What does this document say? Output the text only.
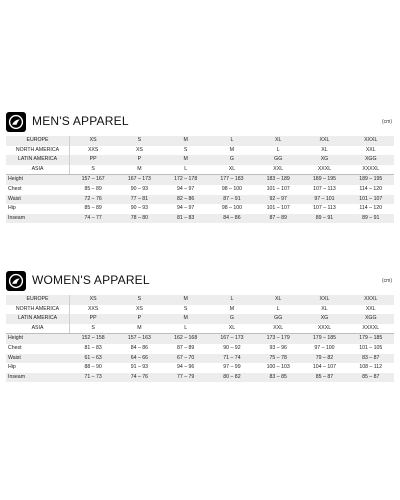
MEN'S APPAREL	(cm)
EUROPE	XS	S	M	L	XL	XXL	XXXL
NORTH AMERICA	XXS	XS	S	M	L	XL	XXL
LATIN AMERICA	PP	P	M	G	GG	XG	XGG
ASIA	S	M	L	XL	XXL	XXXL	XXXXL
Height	157 – 167	167 – 173	172 – 178	177 – 183	183 – 189	189 – 195	189 – 195
Chest	85 – 89	90 – 93	94 – 97	98 – 100	101 – 107	107 – 113	114 – 120
Waist	72 – 76	77 – 81	82 – 86	87 – 91	92 – 97	97 – 101	101 – 107
Hip	85 – 89	90 – 93	94 – 97	98 – 100	101 – 107	107 – 113	114 – 120
Inseam	74 – 77	78 – 80	81 – 83	84 – 86	87 – 89	89 – 91	89 – 91
WOMEN'S APPAREL	(cm)
EUROPE	XS	S	M	L	XL	XXL	XXXL
NORTH AMERICA	XXS	XS	S	M	L	XL	XXL
LATIN AMERICA	PP	P	M	G	GG	XG	XGG
ASIA	S	M	L	XL	XXL	XXXL	XXXXL
Height	152 – 158	157 – 163	162 – 168	167 – 173	173 – 179	179 – 185	179 – 185
Chest	81 – 83	84 – 86	87 – 89	90 – 92	93 – 96	97 – 100	101 – 105
Waist	61 – 63	64 – 66	67 – 70	71 – 74	75 – 78	79 – 82	83 – 87
Hip	88 – 90	91 – 93	94 – 96	97 – 99	100 – 103	104 – 107	108 – 112
Inseam	71 – 73	74 – 76	77 – 79	80 – 82	83 – 85	85 – 87	85 – 87
